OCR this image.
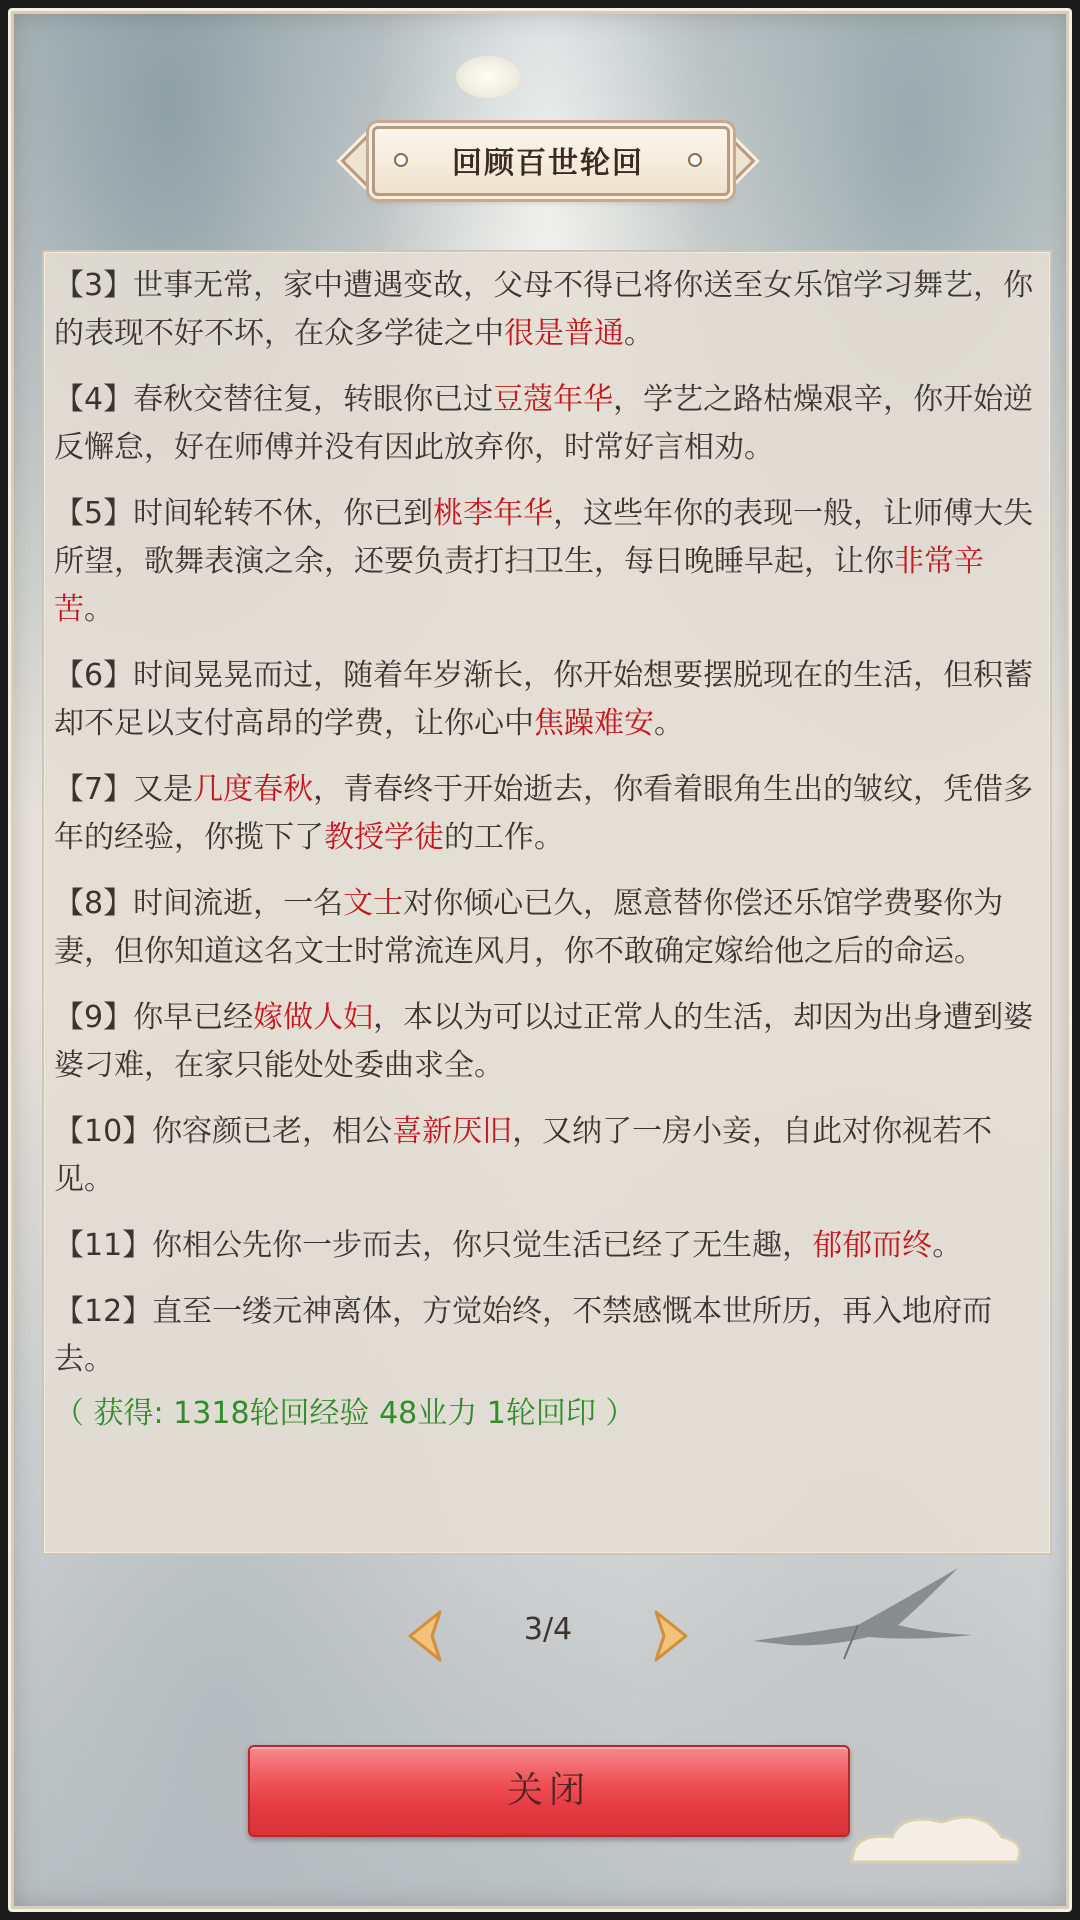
回顾百世轮回
【3】世事无常，家中遭遇变故，父母不得已将你送至女乐馆学习舞艺，你的表现不好不坏，在众多学徒之中很是普通。
【4】春秋交替往复，转眼你已过豆蔻年华，学艺之路枯燥艰辛，你开始逆反懈怠，好在师傅并没有因此放弃你，时常好言相劝。
【5】时间轮转不休，你已到桃李年华，这些年你的表现一般，让师傅大失所望，歌舞表演之余，还要负责打扫卫生，每日晚睡早起，让你非常辛苦。
【6】时间晃晃而过，随着年岁渐长，你开始想要摆脱现在的生活，但积蓄却不足以支付高昂的学费，让你心中焦躁难安。
【7】又是几度春秋，青春终于开始逝去，你看着眼角生出的皱纹，凭借多年的经验，你揽下了教授学徒的工作。
【8】时间流逝，一名文士对你倾心已久，愿意替你偿还乐馆学费娶你为妻，但你知道这名文士时常流连风月，你不敢确定嫁给他之后的命运。
【9】你早已经嫁做人妇，本以为可以过正常人的生活，却因为出身遭到婆婆刁难，在家只能处处委曲求全。
【10】你容颜已老，相公喜新厌旧，又纳了一房小妾，自此对你视若不见。
【11】你相公先你一步而去，你只觉生活已经了无生趣，郁郁而终。
【12】直至一缕元神离体，方觉始终，不禁感慨本世所历，再入地府而去。
（ 获得: 1318轮回经验 48业力 1轮回印 ）
3/4
关闭
